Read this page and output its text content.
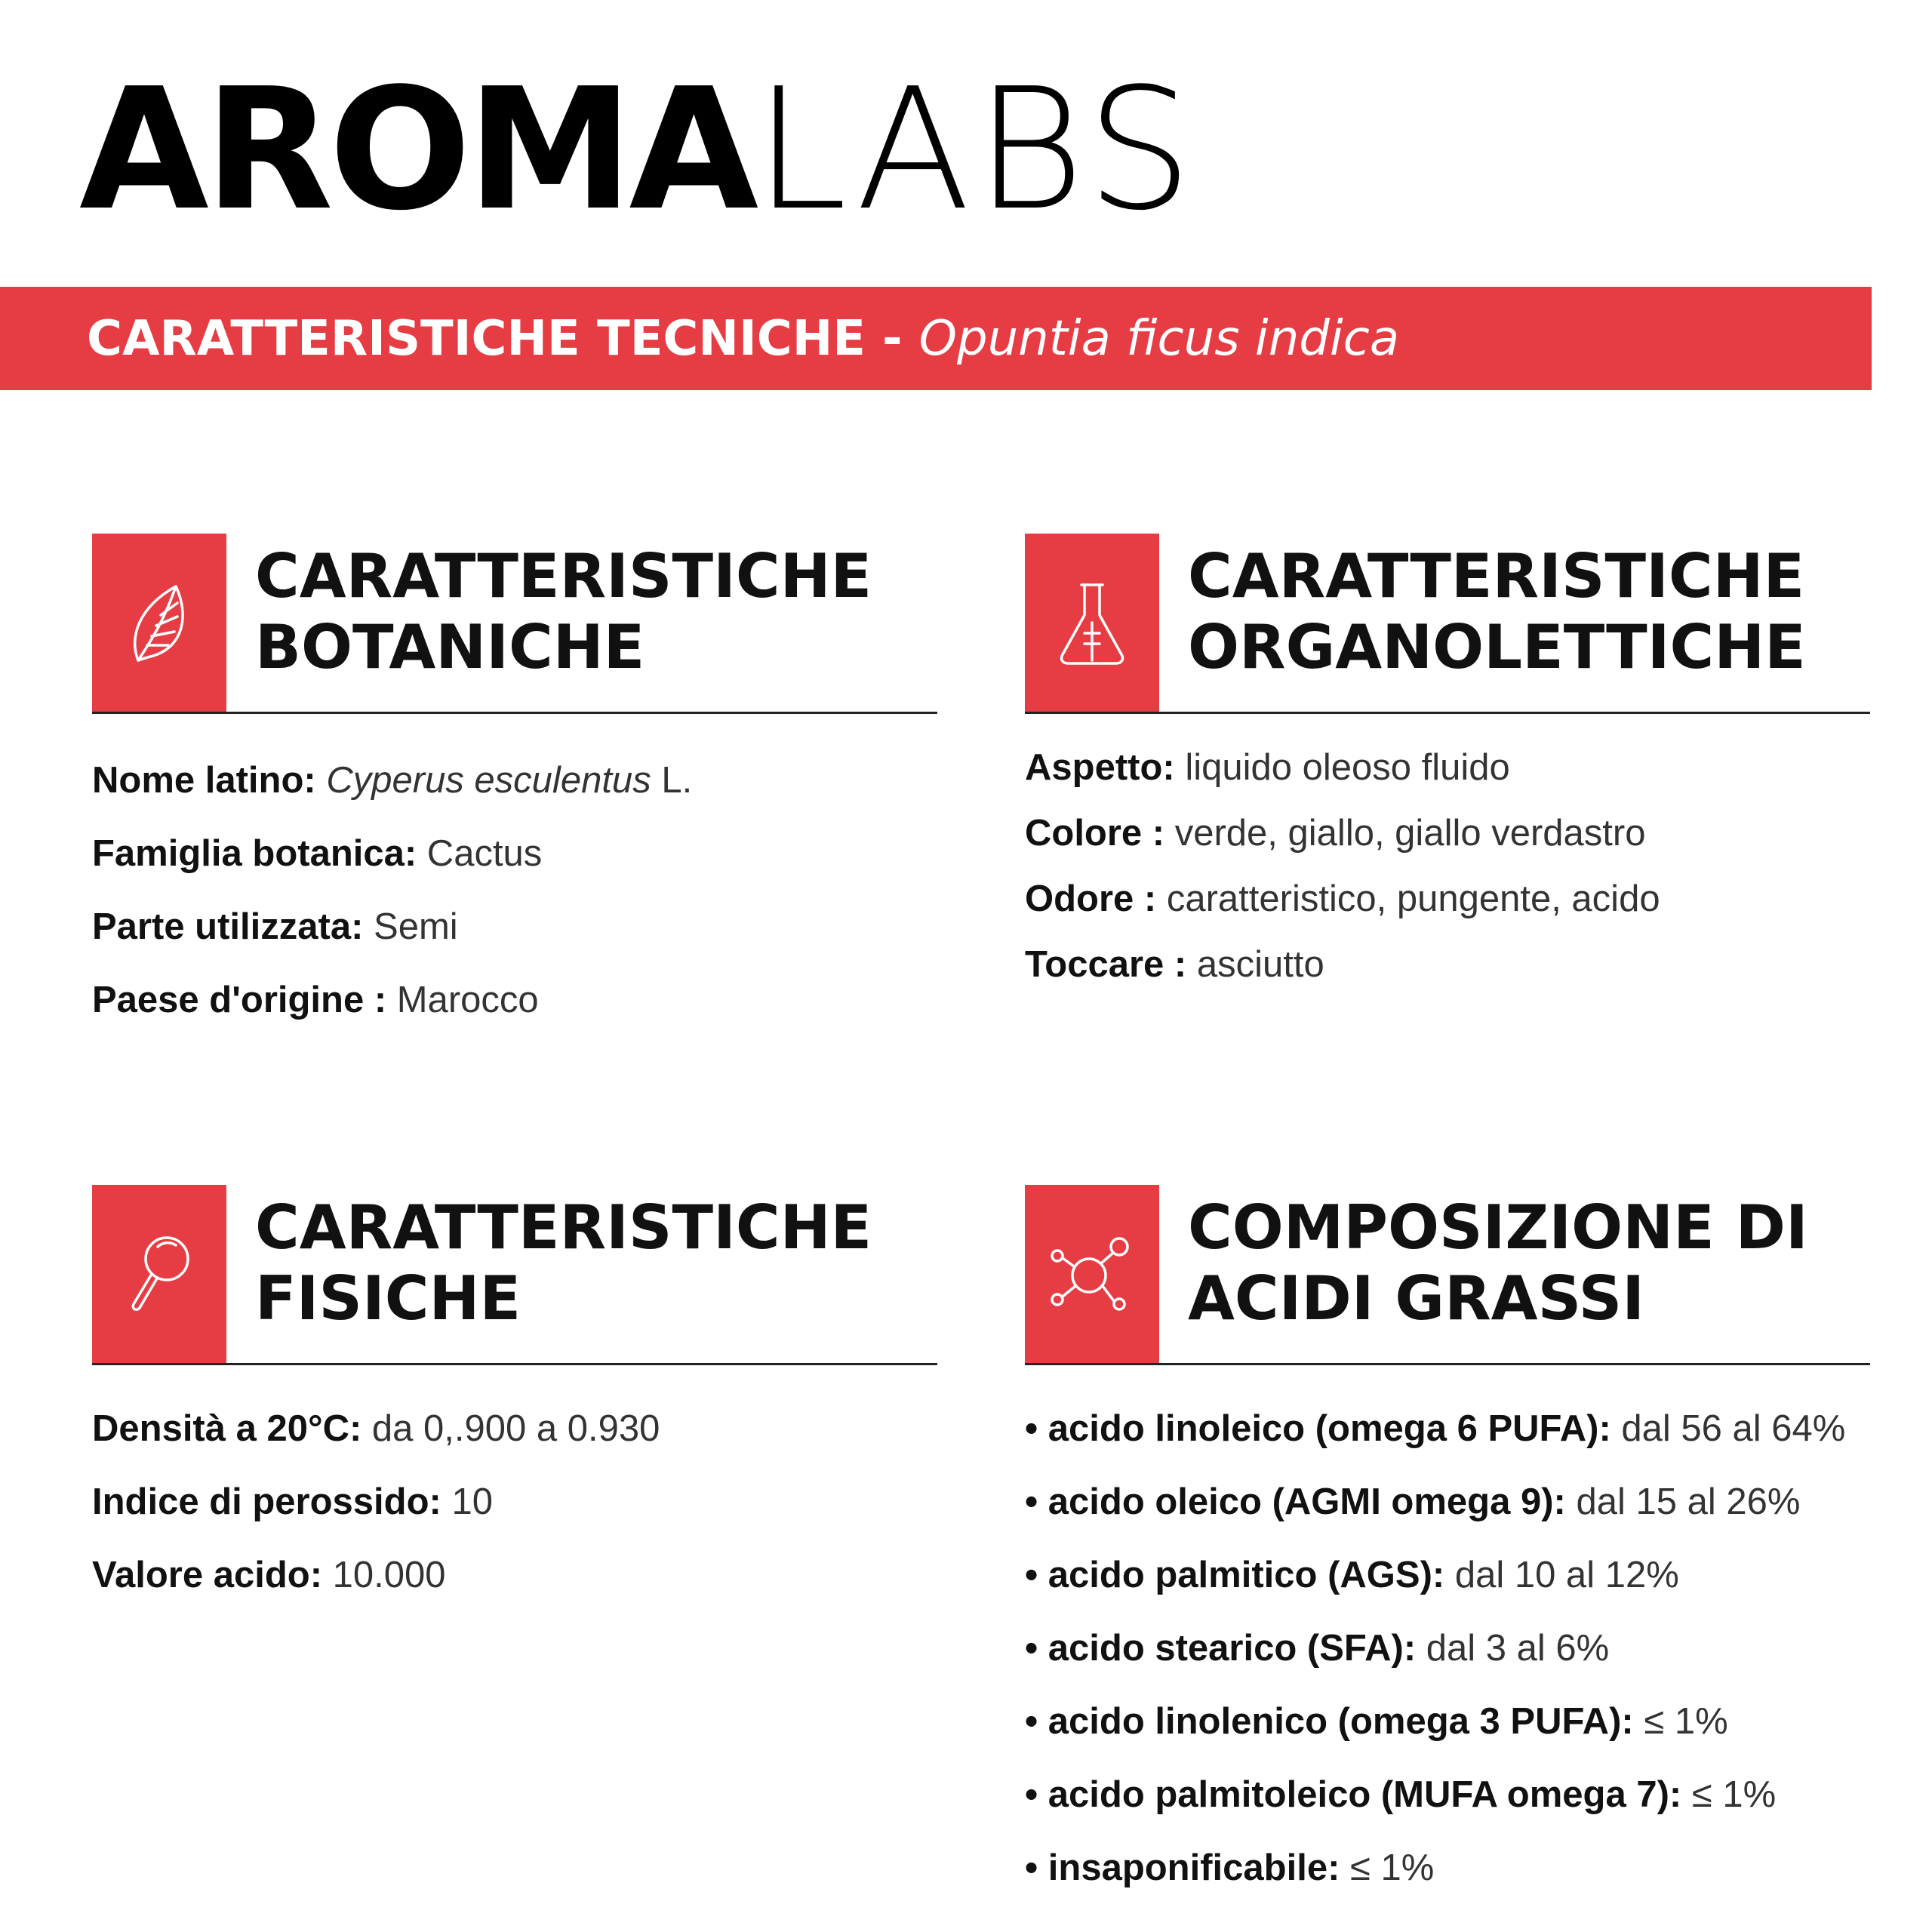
AROMA LABS
CARATTERISTICHE TECNICHE - Opuntia ficus indica
CARATTERISTICHE
BOTANICHE
Nome latino: Cyperus esculentus L.
Famiglia botanica: Cactus
Parte utilizzata: Semi
Paese d'origine : Marocco
CARATTERISTICHE
ORGANOLETTICHE
Aspetto: liquido oleoso fluido
Colore : verde, giallo, giallo verdastro
Odore : caratteristico, pungente, acido
Toccare : asciutto
CARATTERISTICHE
FISICHE
Densità a 20°C: da 0,.900 a 0.930
Indice di perossido: 10
Valore acido: 10.000
COMPOSIZIONE DI
ACIDI GRASSI
• acido linoleico (omega 6 PUFA): dal 56 al 64%
• acido oleico (AGMI omega 9): dal 15 al 26%
• acido palmitico (AGS): dal 10 al 12%
• acido stearico (SFA): dal 3 al 6%
• acido linolenico (omega 3 PUFA): ≤ 1%
• acido palmitoleico (MUFA omega 7): ≤ 1%
• insaponificabile: ≤ 1%
